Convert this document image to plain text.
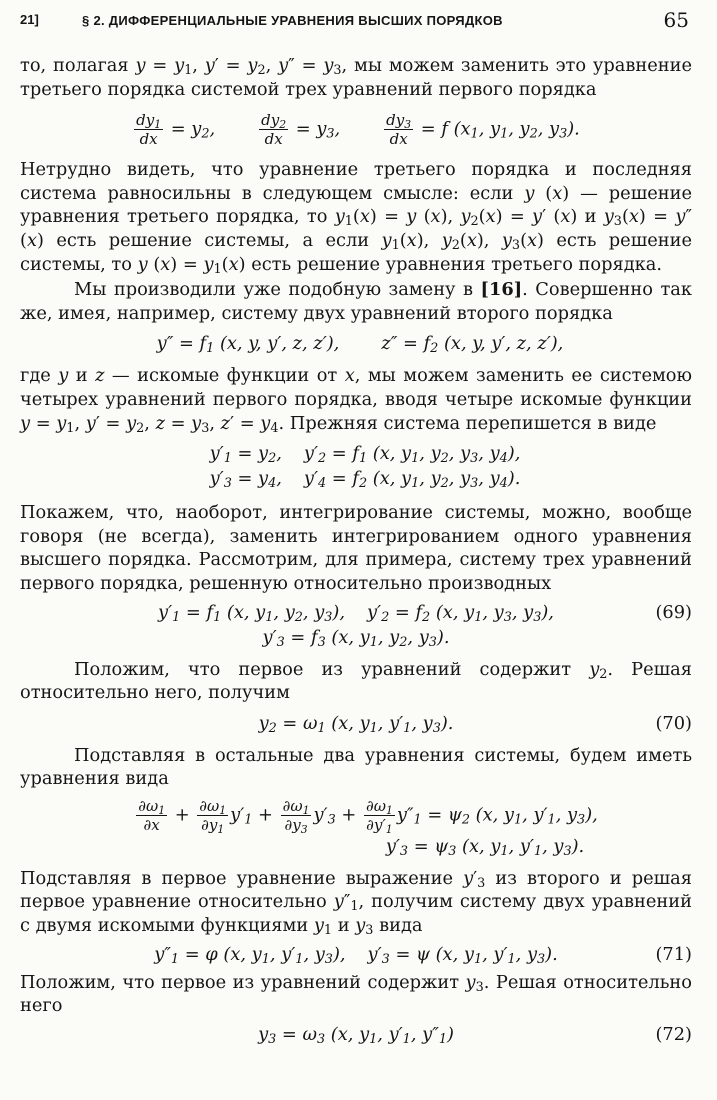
21]	§ 2. ДИФФЕРЕНЦИАЛЬНЫЕ УРАВНЕНИЯ ВЫСШИХ ПОРЯДКОВ	65

то, полагая $y = y_1$, $y' = y_2$, $y'' = y_3$, мы можем заменить это уравнение третьего порядка системой трех уравнений первого порядка

$\frac{dy_1}{dx} = y_2$,	$\frac{dy_2}{dx} = y_3$,	$\frac{dy_3}{dx} = f$ ($x_1$, $y_1$, $y_2$, $y_3$).

Нетрудно видеть, что уравнение третьего порядка и последняя система равносильны в следующем смысле: если y (x) — решение уравнения третьего порядка, то $y_1(x) = y$ (x), $y_2(x) = y'$ (x) и $y_3(x) = y''$ (x) есть решение системы, а если $y_1(x)$, $y_2(x)$, $y_3(x)$ есть решение системы, то y $(x) = y_1(x)$ есть решение уравнения третьего порядка.

Мы производили уже подобную замену в [16]. Совершенно так же, имея, например, систему двух уравнений второго порядка

$y'' = f_1$ (x, y, y′, z, z′), $z'' = f_2$ (x, y, y′, z, z′),

где y и z — искомые функции от x, мы можем заменить ее системою четырех уравнений первого порядка, вводя четыре искомые функции $y = y_1$, $y' = y_2$, $z = y_3$, $z' = y_4$. Прежняя система перепишется в виде

$y'_1 = y_2$, $y'_2 = f_1$ (x, $y_1$, $y_2$, $y_3$, $y_4$),
$y'_3 = y_4$, $y'_4 = f_2$ (x, $y_1$, $y_2$, $y_3$, $y_4$).

Покажем, что, наоборот, интегрирование системы, можно, вообще говоря (не всегда), заменить интегрированием одного уравнения высшего порядка. Рассмотрим, для примера, систему трех уравнений первого порядка, решенную относительно производных

$y'_1 = f_1$ (x, $y_1$, $y_2$, $y_3$), $y'_2 = f_2$ (x, $y_1$, $y_3$, $y_3$),
$y'_3 = f_3$ (x, $y_1$, $y_2$, $y_3$).
(69)

Положим, что первое из уравнений содержит $y_2$. Решая относительно него, получим

$y_2 = \omega_1$ (x, $y_1$, $y'_1$, $y_3$).	(70)

Подставляя в остальные два уравнения системы, будем иметь уравнения вида

$\frac{\partial\omega_1}{\partial x} + \frac{\partial\omega_1}{\partial y_1} y'_1 + \frac{\partial\omega_1}{\partial y_3} y'_3 + \frac{\partial\omega_1}{\partial y'_1} y''_1 = \psi_2$ (x, $y_1$, $y'_1$, $y_3$),
$y'_3 = \psi_3$ (x, $y_1$, $y'_1$, $y_3$).

Подставляя в первое уравнение выражение $y'_3$ из второго и решая первое уравнение относительно $y''_1$, получим систему двух уравнений с двумя искомыми функциями $y_1$ и $y_3$ вида

$y''_1 = \varphi$ (x, $y_1$, $y'_1$, $y_3$), $y'_3 = \psi$ (x, $y_1$, $y'_1$, $y_3$).	(71)

Положим, что первое из уравнений содержит $y_3$. Решая относительно него

$y_3 = \omega_3$ (x, $y_1$, $y'_1$, $y''_1$)	(72)
